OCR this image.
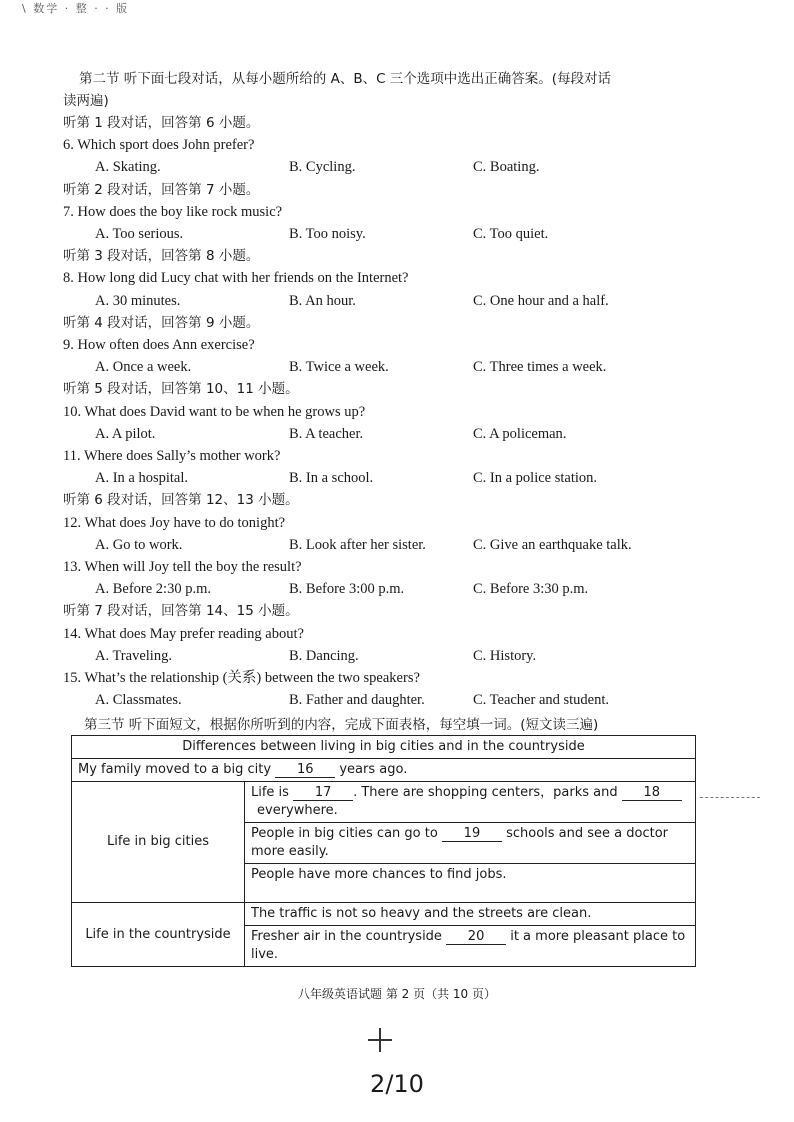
\ 数学 · 整 · · 版
第二节 听下面七段对话，从每小题所给的 A、B、C 三个选项中选出正确答案。(每段对话
读两遍)
听第 1 段对话，回答第 6 小题。
6. Which sport does John prefer?
A. Skating.	B. Cycling.	C. Boating.
听第 2 段对话，回答第 7 小题。
7. How does the boy like rock music?
A. Too serious.	B. Too noisy.	C. Too quiet.
听第 3 段对话，回答第 8 小题。
8. How long did Lucy chat with her friends on the Internet?
A. 30 minutes.	B. An hour.	C. One hour and a half.
听第 4 段对话，回答第 9 小题。
9. How often does Ann exercise?
A. Once a week.	B. Twice a week.	C. Three times a week.
听第 5 段对话，回答第 10、11 小题。
10. What does David want to be when he grows up?
A. A pilot.	B. A teacher.	C. A policeman.
11. Where does Sally’s mother work?
A. In a hospital.	B. In a school.	C. In a police station.
听第 6 段对话，回答第 12、13 小题。
12. What does Joy have to do tonight?
A. Go to work.	B. Look after her sister.	C. Give an earthquake talk.
13. When will Joy tell the boy the result?
A. Before 2:30 p.m.	B. Before 3:00 p.m.	C. Before 3:30 p.m.
听第 7 段对话，回答第 14、15 小题。
14. What does May prefer reading about?
A. Traveling.	B. Dancing.	C. History.
15. What’s the relationship (关系) between the two speakers?
A. Classmates.	B. Father and daughter.	C. Teacher and student.
第三节 听下面短文，根据你所听到的内容，完成下面表格，每空填一词。(短文读三遍)
Differences between living in big cities and in the countryside	
My family moved to a big city 16 years ago.	
Life in big cities	Life is 17 . There are shopping centers，parks and 18
everywhere.
	People in big cities can go to 19 schools and see a doctor more easily.
	People have more chances to find jobs.
Life in the countryside	The traffic is not so heavy and the streets are clean.
	Fresher air in the countryside 20 it a more pleasant place to live.
八年级英语试题 第 2 页（共 10 页）
2/10
